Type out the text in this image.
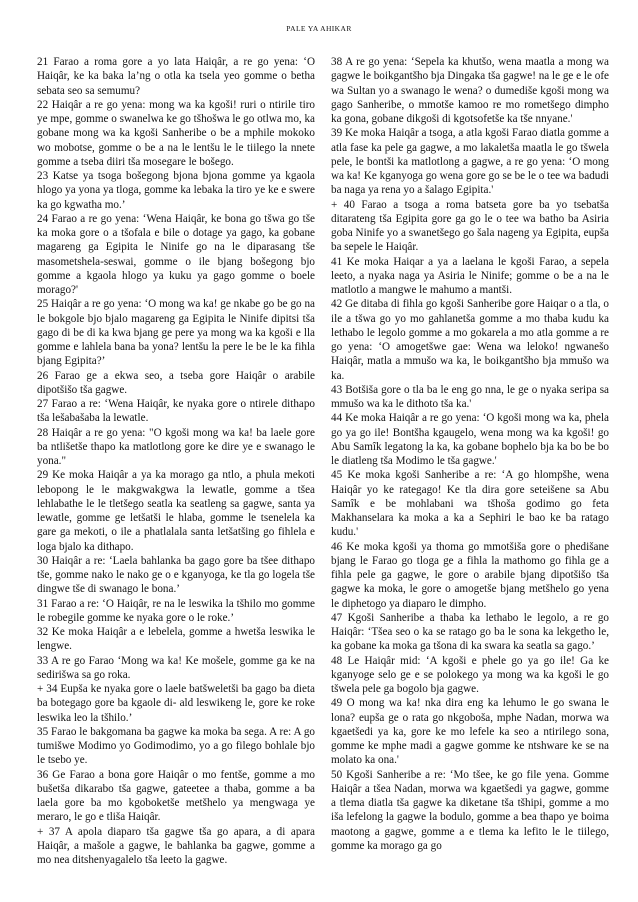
PALE YA AHIKAR

21 Farao a roma gore a yo lata Haiqâr, a re go yena: ‘O Haiqâr, ke ka baka la’ng o otla ka tsela yeo gomme o betha sebata seo sa semumu?

22 Haiqâr a re go yena: mong wa ka kgoši! ruri o ntirile tiro ye mpe, gomme o swanelwa ke go tšhošwa le go otlwa mo, ka gobane mong wa ka kgoši Sanheribe o be a mphile mokoko wo mobotse, gomme o be a na le lentšu le le tiilego la nnete gomme a tseba diiri tša mosegare le bošego.

23 Katse ya tsoga bošegong bjona bjona gomme ya kgaola hlogo ya yona ya tloga, gomme ka lebaka la tiro ye ke e swere ka go kgwatha mo.’

24 Farao a re go yena: ‘Wena Haiqâr, ke bona go tšwa go tše ka moka gore o a tšofala e bile o dotage ya gago, ka gobane magareng ga Egipita le Ninife go na le diparasang tše masometshela-seswai, gomme o ile bjang bošegong bjo gomme a kgaola hlogo ya kuku ya gago gomme o boele morago?'

25 Haiqâr a re go yena: ‘O mong wa ka! ge nkabe go be go na le bokgole bjo bjalo magareng ga Egipita le Ninife dipitsi tša gago di be di ka kwa bjang ge pere ya mong wa ka kgoši e lla gomme e lahlela bana ba yona? lentšu la pere le be le ka fihla bjang Egipita?’

26 Farao ge a ekwa seo, a tseba gore Haiqâr o arabile dipotšišo tša gagwe.

27 Farao a re: ‘Wena Haiqâr, ke nyaka gore o ntirele dithapo tša lešabašaba la lewatle.

28 Haiqâr a re go yena: "O kgoši mong wa ka! ba laele gore ba ntlišetše thapo ka matlotlong gore ke dire ye e swanago le yona."

29 Ke moka Haiqâr a ya ka morago ga ntlo, a phula mekoti lebopong le le makgwakgwa la lewatle, gomme a tšea lehlabathe le le tletšego seatla ka seatleng sa gagwe, santa ya lewatle, gomme ge letšatši le hlaba, gomme le tsenelela ka gare ga mekoti, o ile a phatlalala santa letšatšing go fihlela e loga bjalo ka dithapo.

30 Haiqâr a re: ‘Laela bahlanka ba gago gore ba tšee dithapo tše, gomme nako le nako ge o e kganyoga, ke tla go logela tše dingwe tše di swanago le bona.’

31 Farao a re: ‘O Haiqâr, re na le leswika la tšhilo mo gomme le robegile gomme ke nyaka gore o le roke.’

32 Ke moka Haiqâr a e lebelela, gomme a hwetša leswika le lengwe.

33 A re go Farao ‘Mong wa ka! Ke mošele, gomme ga ke na sedirišwa sa go roka.

+ 34 Eupša ke nyaka gore o laele batšweletši ba gago ba dieta ba botegago gore ba kgaole di- ald leswikeng le, gore ke roke leswika leo la tšhilo.’

35 Farao le bakgomana ba gagwe ka moka ba sega. A re: A go tumišwe Modimo yo Godimodimo, yo a go filego bohlale bjo le tsebo ye.

36 Ge Farao a bona gore Haiqâr o mo fentše, gomme a mo bušetša dikarabo tša gagwe, gateetee a thaba, gomme a ba laela gore ba mo kgoboketše metšhelo ya mengwaga ye meraro, le go e tliša Haiqâr.

+ 37 A apola diaparo tša gagwe tša go apara, a di apara Haiqâr, a mašole a gagwe, le bahlanka ba gagwe, gomme a mo nea ditshenyagalelo tša leeto la gagwe.

38 A re go yena: ‘Sepela ka khutšo, wena maatla a mong wa gagwe le boikgantšho bja Dingaka tša gagwe! na le ge e le ofe wa Sultan yo a swanago le wena? o dumediše kgoši mong wa gago Sanheribe, o mmotše kamoo re mo rometšego dimpho ka gona, gobane dikgoši di kgotsofetše ka tše nnyane.'

39 Ke moka Haiqâr a tsoga, a atla kgoši Farao diatla gomme a atla fase ka pele ga gagwe, a mo lakaletša maatla le go tšwela pele, le bontši ka matlotlong a gagwe, a re go yena: ‘O mong wa ka! Ke kganyoga go wena gore go se be le o tee wa badudi ba naga ya rena yo a šalago Egipita.'

+ 40 Farao a tsoga a roma batseta gore ba yo tsebatša ditarateng tša Egipita gore ga go le o tee wa batho ba Asiria goba Ninife yo a swanetšego go šala nageng ya Egipita, eupša ba sepele le Haiqâr.

41 Ke moka Haiqar a ya a laelana le kgoši Farao, a sepela leeto, a nyaka naga ya Asiria le Ninife; gomme o be a na le matlotlo a mangwe le mahumo a mantši.

42 Ge ditaba di fihla go kgoši Sanheribe gore Haiqar o a tla, o ile a tšwa go yo mo gahlanetša gomme a mo thaba kudu ka lethabo le legolo gomme a mo gokarela a mo atla gomme a re go yena: ‘O amogetšwe gae: Wena wa leloko! ngwanešo Haiqâr, matla a mmušo wa ka, le boikgantšho bja mmušo wa ka.

43 Botšiša gore o tla ba le eng go nna, le ge o nyaka seripa sa mmušo wa ka le dithoto tša ka.'

44 Ke moka Haiqâr a re go yena: ‘O kgoši mong wa ka, phela go ya go ile! Bontšha kgaugelo, wena mong wa ka kgoši! go Abu Samîk legatong la ka, ka gobane bophelo bja ka bo be bo le diatleng tša Modimo le tša gagwe.'

45 Ke moka kgoši Sanheribe a re: ‘A go hlompšhe, wena Haiqâr yo ke rategago! Ke tla dira gore seteišene sa Abu Samîk e be mohlabani wa tšhoša godimo go feta Makhanselara ka moka a ka a Sephiri le bao ke ba ratago kudu.'

46 Ke moka kgoši ya thoma go mmotšiša gore o phedišane bjang le Farao go tloga ge a fihla la mathomo go fihla ge a fihla pele ga gagwe, le gore o arabile bjang dipotšišo tša gagwe ka moka, le gore o amogetše bjang metšhelo go yena le diphetogo ya diaparo le dimpho.

47 Kgoši Sanheribe a thaba ka lethabo le legolo, a re go Haiqâr: ‘Tšea seo o ka se ratago go ba le sona ka lekgetho le, ka gobane ka moka ga tšona di ka swara ka seatla sa gago.’

48 Le Haiqâr mid: ‘A kgoši e phele go ya go ile! Ga ke kganyoge selo ge e se polokego ya mong wa ka kgoši le go tšwela pele ga bogolo bja gagwe.

49 O mong wa ka! nka dira eng ka lehumo le go swana le lona? eupša ge o rata go nkgoboša, mphe Nadan, morwa wa kgaetšedi ya ka, gore ke mo lefele ka seo a ntirilego sona, gomme ke mphe madi a gagwe gomme ke ntshware ke se na molato ka ona.'

50 Kgoši Sanheribe a re: ‘Mo tšee, ke go file yena. Gomme Haiqâr a tšea Nadan, morwa wa kgaetšedi ya gagwe, gomme a tlema diatla tša gagwe ka diketane tša tšhipi, gomme a mo iša lefelong la gagwe la bodulo, gomme a bea thapo ye boima maotong a gagwe, gomme a e tlema ka lefito le le tiilego, gomme ka morago ga go
